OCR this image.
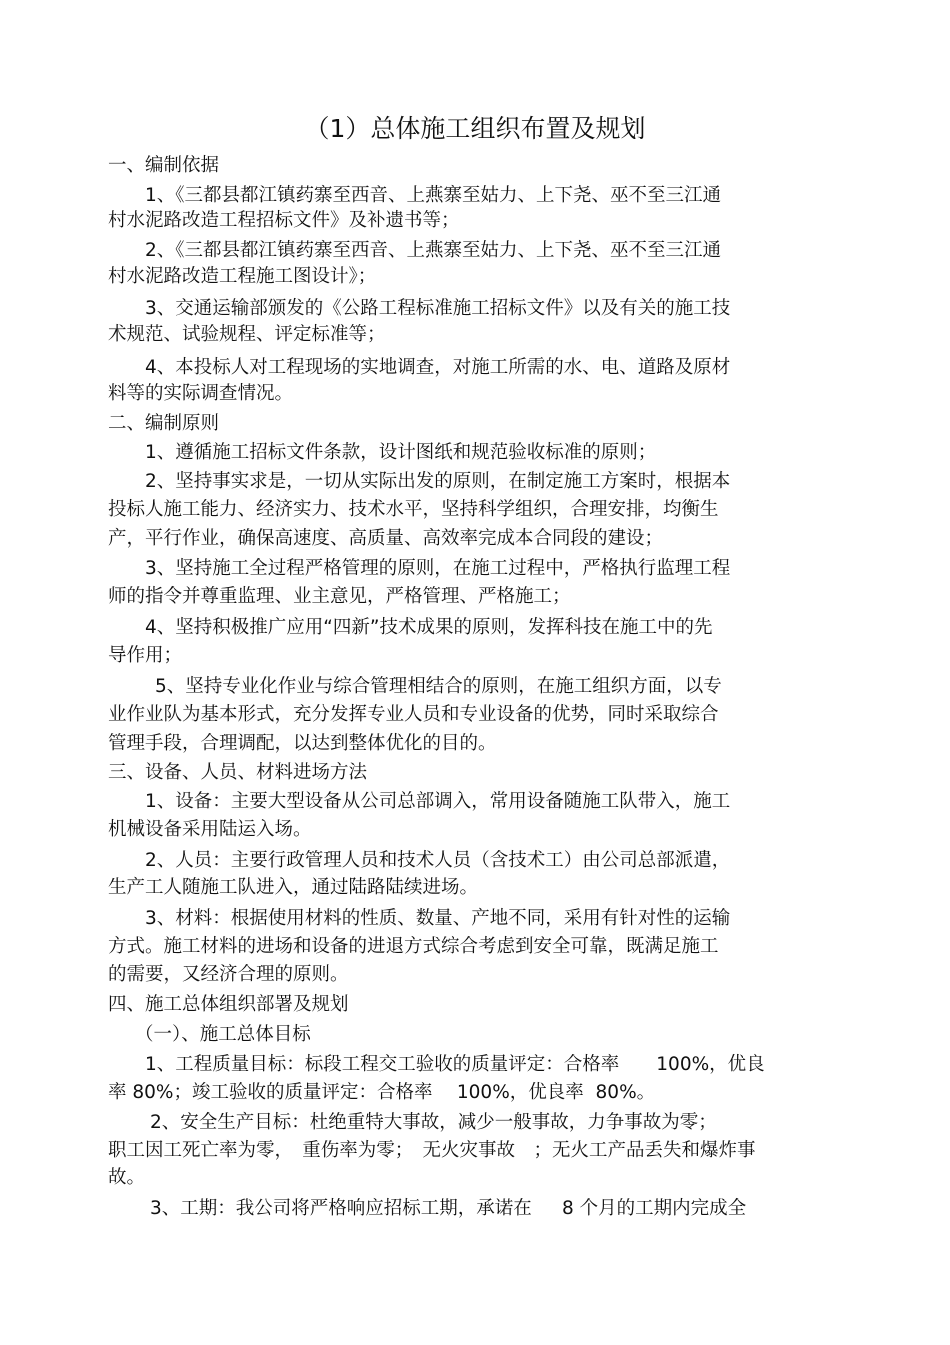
（1）总体施工组织布置及规划
一、编制依据
1、《三都县都江镇药寨至西音、上燕寨至姑力、上下尧、巫不至三江通
村水泥路改造工程招标文件》及补遗书等；
2、《三都县都江镇药寨至西音、上燕寨至姑力、上下尧、巫不至三江通
村水泥路改造工程施工图设计》；
3、交通运输部颁发的《公路工程标准施工招标文件》以及有关的施工技
术规范、试验规程、评定标准等；
4、本投标人对工程现场的实地调查，对施工所需的水、电、道路及原材
料等的实际调查情况。
二、编制原则
1、遵循施工招标文件条款，设计图纸和规范验收标准的原则；
2、坚持事实求是，一切从实际出发的原则，在制定施工方案时，根据本
投标人施工能力、经济实力、技术水平，坚持科学组织，合理安排，均衡生
产，平行作业，确保高速度、高质量、高效率完成本合同段的建设；
3、坚持施工全过程严格管理的原则，在施工过程中，严格执行监理工程
师的指令并尊重监理、业主意见，严格管理、严格施工；
4、坚持积极推广应用“四新”技术成果的原则，发挥科技在施工中的先
导作用；
5、坚持专业化作业与综合管理相结合的原则，在施工组织方面，以专
业作业队为基本形式，充分发挥专业人员和专业设备的优势，同时采取综合
管理手段，合理调配，以达到整体优化的目的。
三、设备、人员、材料进场方法
1、设备：主要大型设备从公司总部调入，常用设备随施工队带入，施工
机械设备采用陆运入场。
2、人员：主要行政管理人员和技术人员（含技术工）由公司总部派遣，
生产工人随施工队进入，通过陆路陆续进场。
3、材料：根据使用材料的性质、数量、产地不同，采用有针对性的运输
方式。施工材料的进场和设备的进退方式综合考虑到安全可靠，既满足施工
的需要，又经济合理的原则。
四、施工总体组织部署及规划
（一）、施工总体目标
1、工程质量目标：标段工程交工验收的质量评定：合格率　　100%，优良
率 80%；竣工验收的质量评定：合格率　 100%，优良率  80%。
2、安全生产目标：杜绝重特大事故，减少一般事故，力争事故为零；
职工因工死亡率为零，　重伤率为零；　无火灾事故　；无火工产品丢失和爆炸事
故。
3、工期：我公司将严格响应招标工期，承诺在　  8 个月的工期内完成全
